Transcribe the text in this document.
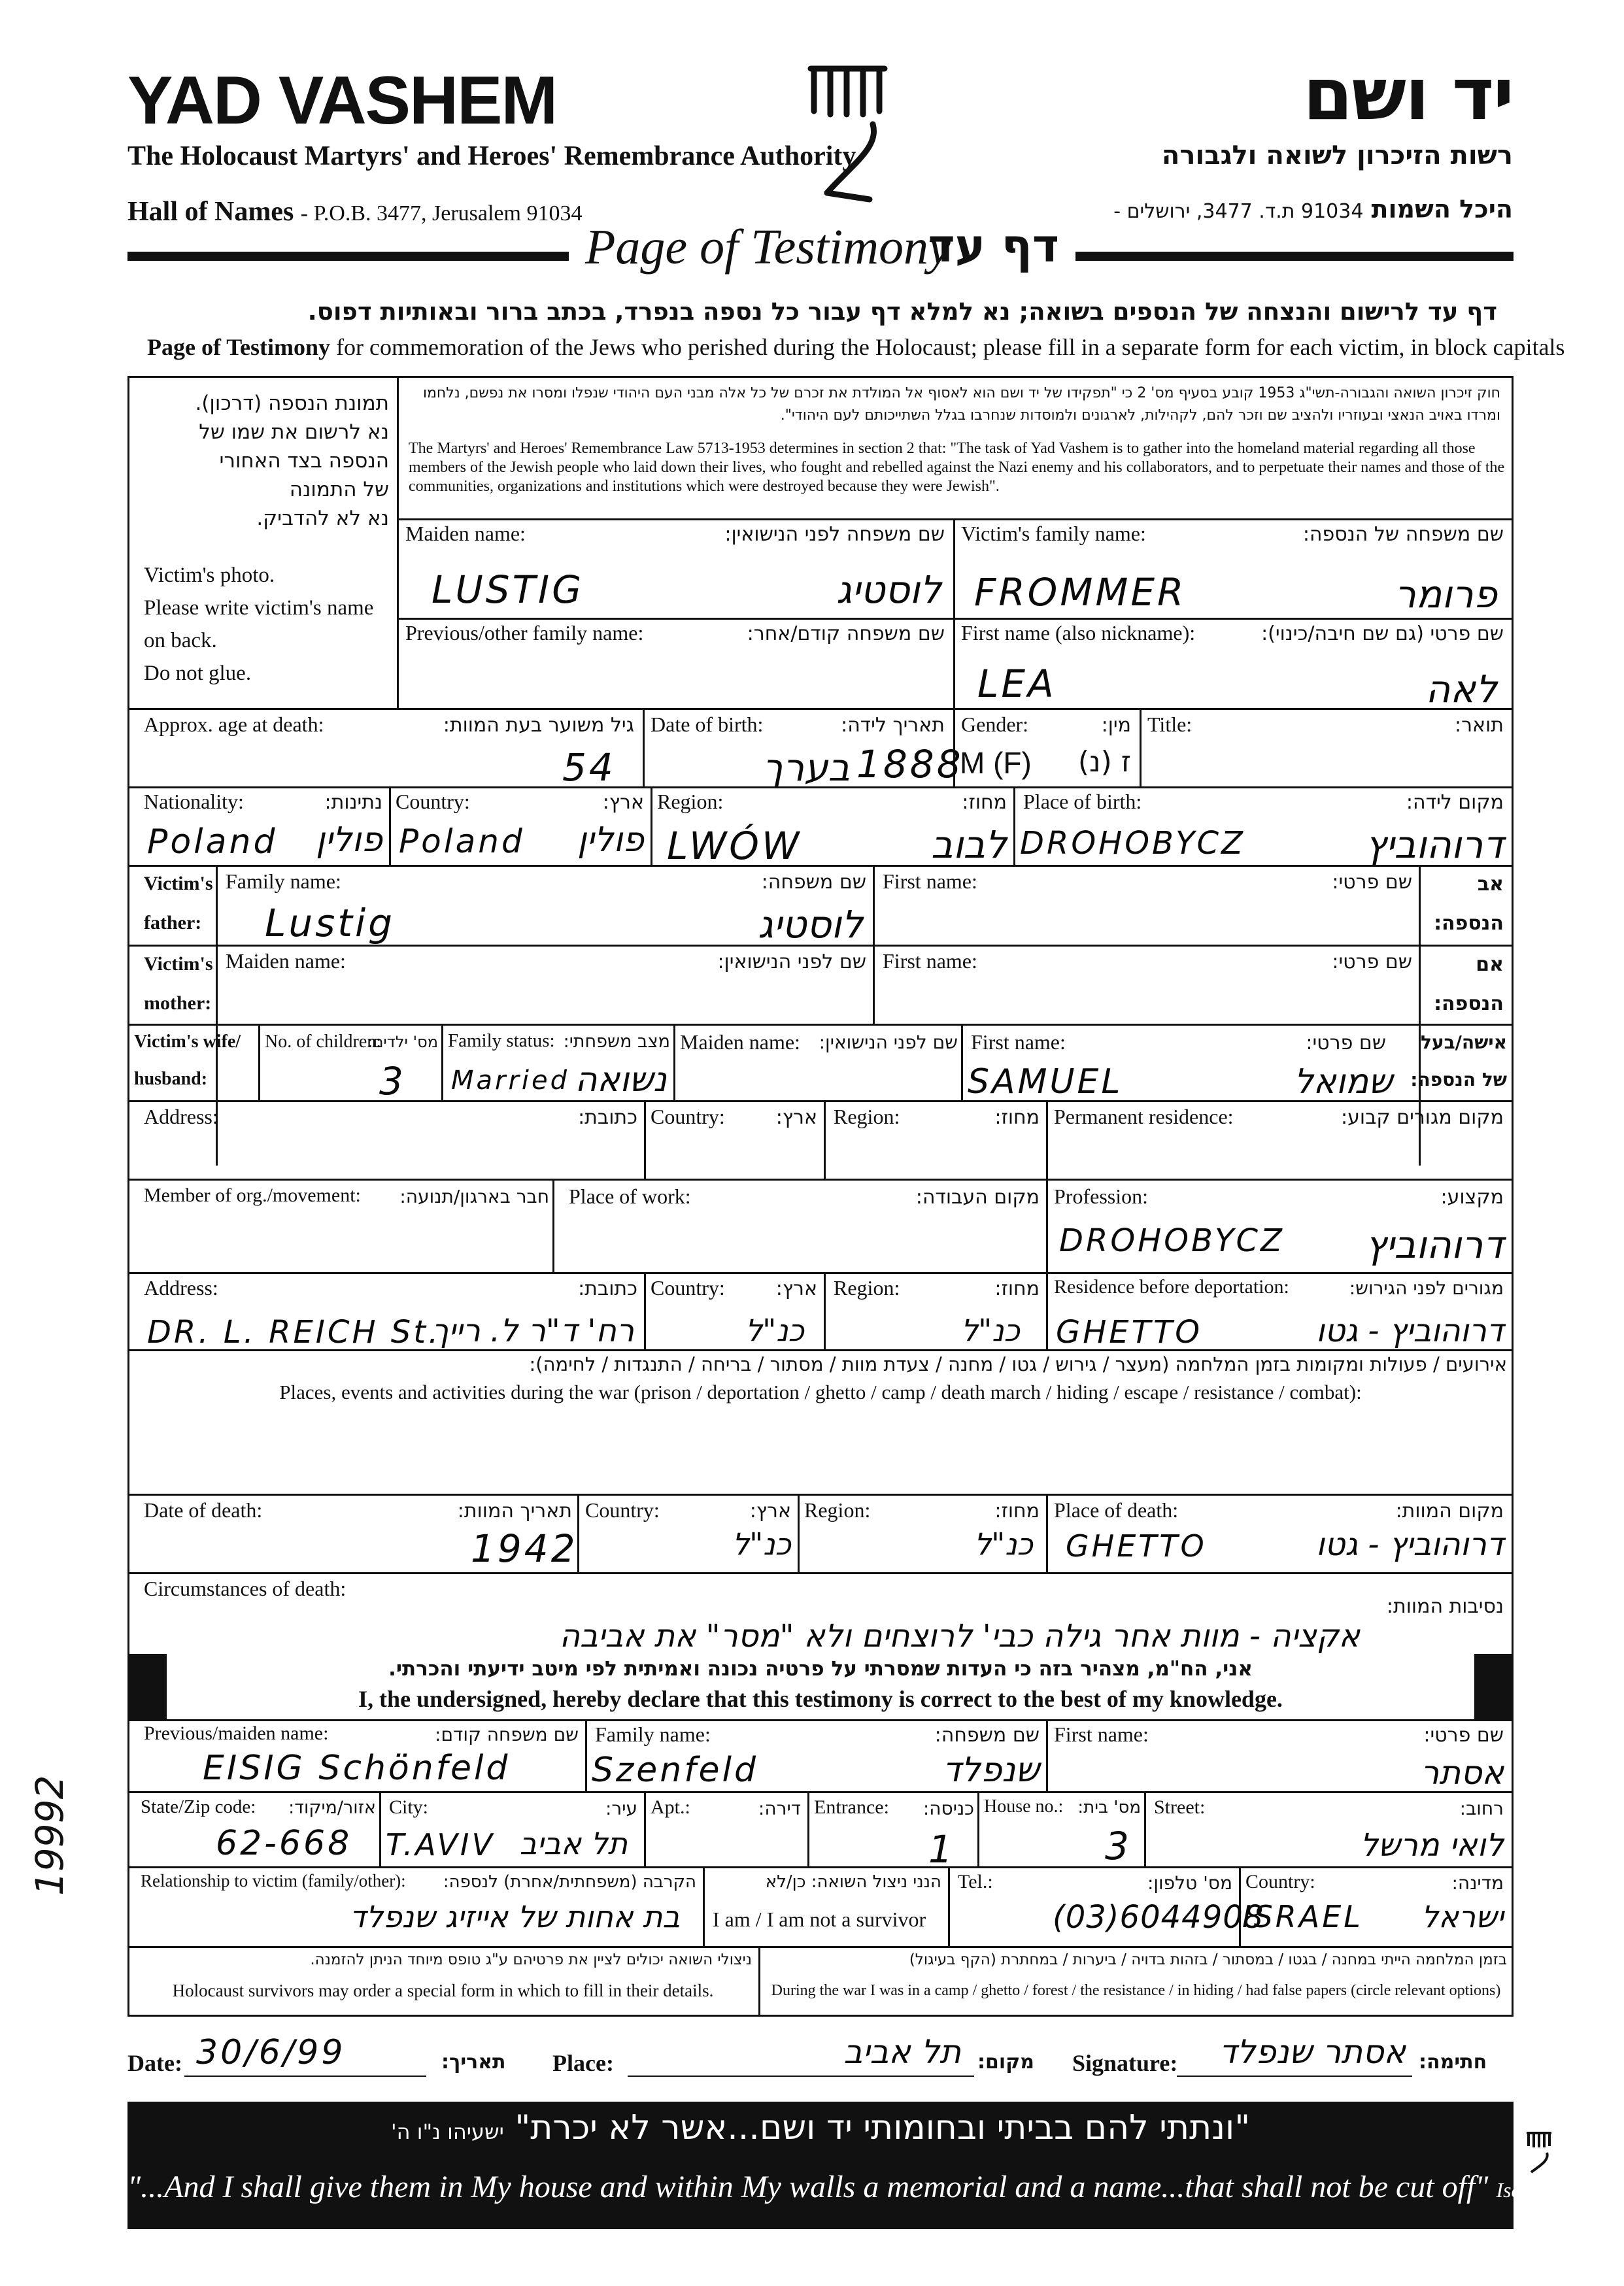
YAD VASHEM
The Holocaust Martyrs' and Heroes' Remembrance Authority
Hall of Names - P.O.B. 3477, Jerusalem 91034
יד ושם
רשות הזיכרון לשואה ולגבורה
היכל השמות 91034 ת.ד. 3477, ירושלים -
Page of Testimony
דף עד
דף עד לרישום והנצחה של הנספים בשואה; נא למלא דף עבור כל נספה בנפרד, בכתב ברור ובאותיות דפוס.
Page of Testimony for commemoration of the Jews who perished during the Holocaust; please fill in a separate form for each victim, in block capitals
תמונת הנספה (דרכון).
נא לרשום את שמו של
הנספה בצד האחורי
של התמונה
נא לא להדביק.
Victim's photo.
Please write victim's name
on back.
Do not glue.
חוק זיכרון השואה והגבורה-תשי"ג 1953 קובע בסעיף מס' 2 כי "תפקידו של יד ושם הוא לאסוף אל המולדת את זכרם של כל אלה מבני העם היהודי שנפלו ומסרו את נפשם, נלחמו ומרדו באויב הנאצי ובעוזריו ולהציב שם וזכר להם, לקהילות, לארגונים ולמוסדות שנחרבו בגלל השתייכותם לעם היהודי".
The Martyrs' and Heroes' Remembrance Law 5713-1953 determines in section 2 that: "The task of Yad Vashem is to gather into the homeland material regarding all those members of the Jewish people who laid down their lives, who fought and rebelled against the Nazi enemy and his collaborators, and to perpetuate their names and those of the communities, organizations and institutions which were destroyed because they were Jewish".
Maiden name:	שם משפחה לפני הנישואין: Victim's family name:	שם משפחה של הנספה:
LUSTIG	לוסטיג FROMMER	פרומר
Previous/other family name:	שם משפחה קודם/אחר: First name (also nickname):	שם פרטי (גם שם חיבה/כינוי):
LEA	לאה
Approx. age at death:	גיל משוער בעת המוות: Date of birth:	תאריך לידה: Gender:	מין: Title:	תואר:
54	בערך 1888
M (F)	ז (נ)
Nationality:	נתינות: Country:	ארץ: Region:	מחוז: Place of birth:	מקום לידה:
Poland	פולין Poland	פולין LWÓW	לבוב DROHOBYCZ	דרוהוביץ
Victim's
father:
Family name:	שם משפחה: First name:	שם פרטי:	אב
הנספה:
Lustig	לוסטיג
Victim's
mother:
Maiden name:	שם לפני הנישואין: First name:	שם פרטי:	אם
הנספה:
Victim's wife/
husband:
No. of children:
מס' ילדים: Family status: מצב משפחתי: Maiden name:	שם לפני הנישואין: First name:	שם פרטי:	אישה/בעל
של הנספה:
3 Married נשואה	SAMUEL	שמואל
Address:	כתובת: Country:	ארץ: Region:	מחוז: Permanent residence:	מקום מגורים קבוע:
Member of org./movement:	חבר בארגון/תנועה: Place of work:	מקום העבודה: Profession:	מקצוע:
DROHOBYCZ	דרוהוביץ
Address:	כתובת: Country:	ארץ: Region:	מחוז: Residence before deportation:	מגורים לפני הגירוש:
DR. L. REICH St.
רח' ד"ר ל. רייך	כנ"ל	כנ"ל GHETTO	דרוהוביץ - גטו
אירועים / פעולות ומקומות בזמן המלחמה (מעצר / גירוש / גטו / מחנה / צעדת מוות / מסתור / בריחה / התנגדות / לחימה):
Places, events and activities during the war (prison / deportation / ghetto / camp / death march / hiding / escape / resistance / combat):
Date of death:	תאריך המוות: Country:	ארץ: Region:	מחוז: Place of death:	מקום המוות:
1942	כנ"ל	כנ"ל GHETTO	דרוהוביץ - גטו
Circumstances of death:
נסיבות המוות:
אקציה - מוות אחר גילה כבי' לרוצחים ולא "מסר" את אביבה
אני, הח"מ, מצהיר בזה כי העדות שמסרתי על פרטיה נכונה ואמיתית לפי מיטב ידיעתי והכרתי.
I, the undersigned, hereby declare that this testimony is correct to the best of my knowledge.
Previous/maiden name:	שם משפחה קודם: Family name:	שם משפחה: First name:	שם פרטי:
EISIG Schönfeld Szenfeld	שנפלד	אסתר
State/Zip code:	אזור/מיקוד: City:	עיר: Apt.:	דירה: Entrance:	כניסה: House no.: מס' בית: Street:	רחוב:
62-668 T.AVIV תל אביב	1	3	לואי מרשל
Relationship to victim (family/other):	הקרבה (משפחתית/אחרת) לנספה:	הנני ניצול השואה: כן/לא
I am / I am not a survivor
Tel.:	מס' טלפון: Country:	מדינה:
בת אחות של אייזיג שנפלד	(03)6044908
ISRAEL	ישראל
ניצולי השואה יכולים לציין את פרטיהם ע"ג טופס מיוחד הניתן להזמנה.
Holocaust survivors may order a special form in which to fill in their details.
בזמן המלחמה הייתי במחנה / בגטו / במסתור / בזהות בדויה / ביערות / במחתרת (הקף בעיגול)
During the war I was in a camp / ghetto / forest / the resistance / in hiding / had false papers (circle relevant options)
19992
Date: 30/6/99	תאריך: Place:	תל אביב מקום: Signature:	אסתר שנפלד חתימה:
"ונתתי להם בביתי ובחומותי יד ושם...אשר לא יכרת" ישעיהו נ"ו ה'
"...And I shall give them in My house and within My walls a memorial and a name...that shall not be cut off" Isaiah, 56:5
